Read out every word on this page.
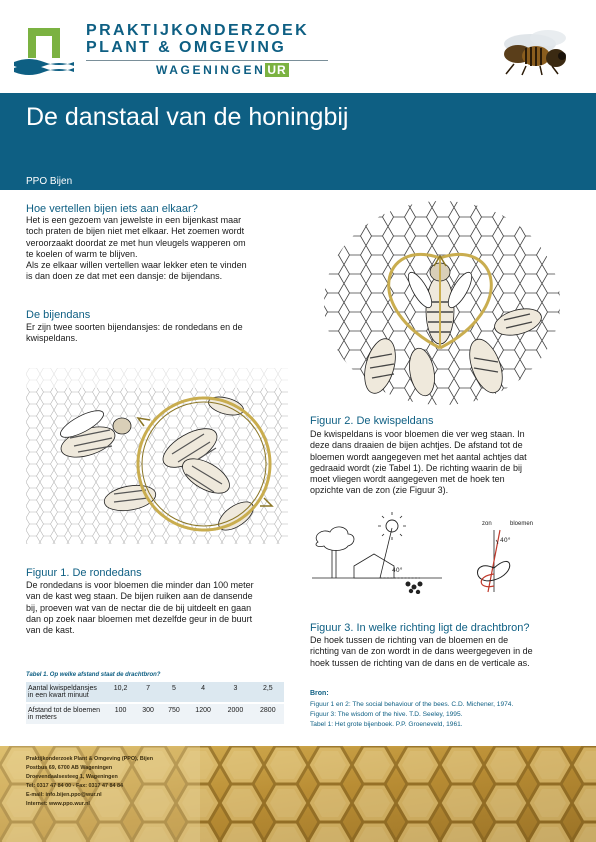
PRAKTIJKONDERZOEK
PLANT & OMGEVING
WAGENINGEN UR
De danstaal van de honingbij
PPO Bijen
Hoe vertellen bijen iets aan elkaar?
Het is een gezoem van jewelste in een bijenkast maar
toch praten de bijen niet met elkaar. Het zoemen wordt
veroorzaakt doordat ze met hun vleugels wapperen om
te koelen of warm te blijven.
Als ze elkaar willen vertellen waar lekker eten te vinden
is dan doen ze dat met een dansje: de bijendans.
De bijendans
Er zijn twee soorten bijendansjes: de rondedans en de
kwispeldans.
Figuur 1. De rondedans
De rondedans is voor bloemen die minder dan 100 meter
van de kast weg staan. De bijen ruiken aan de dansende
bij, proeven wat van de nectar die de bij uitdeelt en gaan
dan op zoek naar bloemen met dezelfde geur in de buurt
van de kast.
Figuur 2. De kwispeldans
De kwispeldans is voor bloemen die ver weg staan. In
deze dans draaien de bijen achtjes. De afstand tot de
bloemen wordt aangegeven met het aantal achtjes dat
gedraaid wordt (zie Tabel 1). De richting waarin de bij
moet vliegen wordt aangegeven met de hoek ten
opzichte van de zon (zie Figuur 3).
40°
zon	bloemen
40°
Figuur 3. In welke richting ligt de drachtbron?
De hoek tussen de richting van de bloemen en de
richting van de zon wordt in de dans weergegeven in de
hoek tussen de richting van de dans en de verticale as.
Tabel 1. Op welke afstand staat de drachtbron?
Aantal kwispeldansjes
in een kwart minuut	10,2	7	5	4	3	2,5

Afstand tot de bloemen
in meters	100	300	750	1200	2000	2800
Bron:
Figuur 1 en 2: The social behaviour of the bees. C.D. Michener, 1974.
Figuur 3: The wisdom of the hive. T.D. Seeley, 1995.
Tabel 1: Het grote bijenboek. P.P. Groeneveld, 1961.
Praktijkonderzoek Plant & Omgeving (PPO), Bijen
Postbus 69, 6700 AB Wageningen
Droevendaalsesteeg 1, Wageningen
Tel: 0317 47 84 00 - Fax: 0317 47 84 84
E-mail: info.bijen.ppo@wur.nl
Internet: www.ppo.wur.nl
